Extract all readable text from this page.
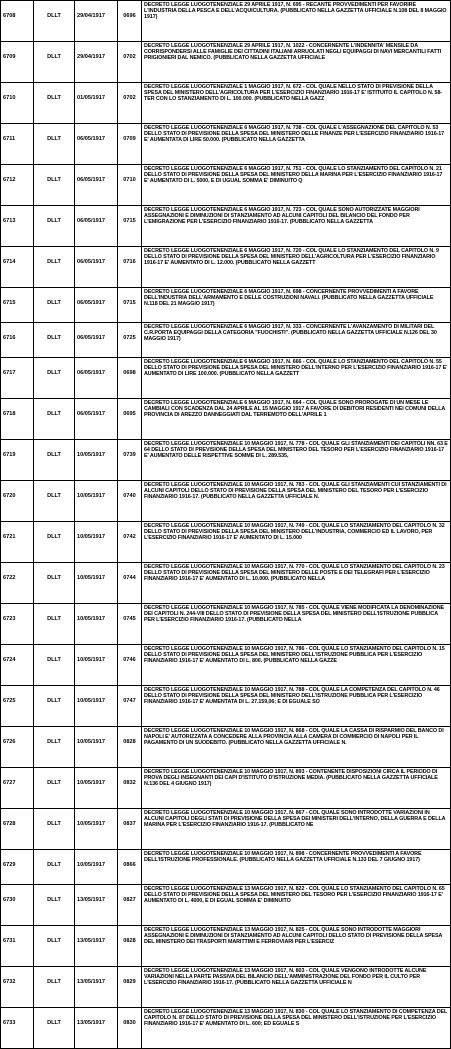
6708	DLLT	29/04/1917	0696	DECRETO LEGGE LUOGOTENENZIALE 29 APRILE 1917, N. 695 - RECANTE PROVVEDIMENTI PER FAVORIRE L'INDUSTRIA DELLA PESCA E DELL'ACQUICULTURA. (PUBBLICATO NELLA GAZZETTA UFFICIALE N.108 DEL 8 MAGGIO 1917)
6709	DLLT	29/04/1917	0702	DECRETO LEGGE LUOGOTENENZIALE 29 APRILE 1917, N. 1022 - CONCERNENTE L'INDENNITA' MENSILE DA CORRISPONDERSI ALLE FAMIGLIE DEI CITTADINI ITALIANI ARRUOLATI NEGLI EQUIPAGGI DI NAVI MERCANTILI FATTI PRIGIONIERI DAL NEMICO. (PUBBLICATO NELLA GAZZETTA UFFICIALE
6710	DLLT	01/05/1917	0702	DECRETO LEGGE LUOGOTENENZIALE 1 MAGGIO 1917, N. 672 - COL QUALE NELLO STATO DI PREVISIONE DELLA SPESA DEL MINISTERO DELL'AGRICOLTURA PER L'ESERCIZIO FINANZIARIO 1916-17 E' ISTITUITO IL CAPITOLO N. 58-TER CON LO STANZIAMENTO DI L. 100.000. (PUBBLICATO NELLA GAZZ
6711	DLLT	06/05/1917	0709	DECRETO LEGGE LUOGOTENENZIALE 6 MAGGIO 1917, N. 738 - COL QUALE L'ASSEGNAZIONE DEL CAPITOLO N. 53 DELLO STATO DI PREVISIONE DELLA SPESA DEL MINISTERO DELLE FINANZE PER L'ESERCIZIO FINANZIARIO 1916-17 E' AUMENTATA DI LIRE 50.000. (PUBBLICATO NELLA GAZZETTA
6712	DLLT	06/05/1917	0710	DECRETO LEGGE LUOGOTENENZIALE 6 MAGGIO 1917, N. 751 - COL QUALE LO STANZIAMENTO DEL CAPITOLO N. 21 DELLO STATO DI PREVISIONE DELLA SPESA DEL MINISTERO DELLA MARINA PER L'ESERCIZIO FINANZIARIO 1916-17 E' AUMENTATO DI L. 5000, E DI UGUAL SOMMA E' DIMINUITO Q
6713	DLLT	06/05/1917	0715	DECRETO LEGGE LUOGOTENENZIALE 6 MAGGIO 1917, N. 723 - COL QUALE SONO AUTORIZZATE MAGGIORI ASSEGNAZIONI E DIMINUZIONI DI STANZIAMENTO AD ALCUNI CAPITOLI DEL BILANCIO DEL FONDO PER L'EMIGRAZIONE PER L'ESERCIZIO FINANZIARIO 1916-17. (PUBBLICATO NELLA GAZZETTA
6714	DLLT	06/05/1917	0716	DECRETO LEGGE LUOGOTENENZIALE 6 MAGGIO 1917, N. 720 - COL QUALE LO STANZIAMENTO DEL CAPITOLO N. 9 DELLO STATO DI PREVISIONE DELLA SPESA DEL MINISTERO DELL'AGRICOLTURA PER L'ESERCIZIO FINANZIARIO 1916-17 E' AUMENTATO DI L. 12.000. (PUBBLICATO NELLA GAZZETT
6715	DLLT	06/05/1917	0715	DECRETO LEGGE LUOGOTENENZIALE 6 MAGGIO 1917, N. 698 - CONCERNENTE PROVVEDIMENTI A FAVORE DELL'INDUSTRIA DELL'ARMAMENTO E DELLE COSTRUZIONI NAVALI. (PUBBLICATO NELLA GAZZETTA UFFICIALE N.118 DEL 21 MAGGIO 1917)
6716	DLLT	06/05/1917	0725	DECRETO LEGGE LUOGOTENENZIALE 6 MAGGIO 1917, N. 333 - CONCERNENTE L'AVANZAMENTO DI MILITARI DEL C.R.PORTA EQUIPAGGI DELLA CATEGORIA "FUOCHISTI". (PUBBLICATO NELLA GAZZETTA UFFICIALE N.126 DEL 30 MAGGIO 1917)
6717	DLLT	06/05/1917	0698	DECRETO LEGGE LUOGOTENENZIALE 6 MAGGIO 1917, N. 666 - COL QUALE LO STANZIAMENTO DEL CAPITOLO N. 55 DELLO STATO DI PREVISIONE DELLA SPESA DEL MINISTERO DELL'INTERNO PER L'ESERCIZIO FINANZIARIO 1916-17 E' AUMENTATO DI LIRE 100.000. (PUBBLICATO NELLA GAZZETT
6718	DLLT	06/05/1917	0695	DECRETO LEGGE LUOGOTENENZIALE 6 MAGGIO 1917, N. 664 - COL QUALE SONO PROROGATE DI UN MESE LE CAMBIALI CON SCADENZA DAL 24 APRILE AL 15 MAGGIO 1917 A FAVORE DI DEBITORI RESIDENTI NEI COMUNI DELLA PROVINCIA DI AREZZO DANNEGGIATI DAL TERREMOTO DELL'APRILE 1
6719	DLLT	10/05/1917	0739	DECRETO LEGGE LUOGOTENENZIALE 10 MAGGIO 1917, N. 778 - COL QUALE GLI STANZIAMENTI DEI CAPITOLI NN. 63 E 64 DELLO STATO DI PREVISIONE DELLA SPESA DEL MINISTERO DEL TESORO PER L'ESERCIZIO FINANZIARIO 1916-17 E' AUMENTATO DELLE RISPETTIVE SOMME DI L. 289.535,
6720	DLLT	10/05/1917	0740	DECRETO LEGGE LUOGOTENENZIALE 10 MAGGIO 1917, N. 783 - COL QUALE GLI STANZIAMENTI CUI STANZIAMENTI DI ALCUNI CAPITOLI DELLO STATO DI PREVISIONE DELLA SPESA DEL MINISTERO DEL TESORO PER L'ESERCIZIO FINANZIARIO 1916-17. (PUBBLICATO NELLA GAZZETTA UFFICIALE N.
6721	DLLT	10/05/1917	0742	DECRETO LEGGE LUOGOTENENZIALE 10 MAGGIO 1917, N. 749 - COL QUALE LO STANZIAMENTO DEL CAPITOLO N. 32 DELLO STATO DI PREVISIONE DELLA SPESA DEL MINISTERO DELL'INDUSTRIA, COMMERCIO ED IL LAVORO, PER L'ESERCIZIO FINANZIARIO 1916-17 E' AUMENTATO DI L. 15.000
6722	DLLT	10/05/1917	0744	DECRETO LEGGE LUOGOTENENZIALE 10 MAGGIO 1917, N. 770 - COL QUALE LO STANZIAMENTO DEL CAPITOLO N. 23 DELLO STATO DI PREVISIONE DELLA SPESA DEL MINISTERO DELLE POSTE E DEI TELEGRAFI PER L'ESERCIZIO FINANZIARIO 1916-17 E' AUMENTATO DI L. 10.000. (PUBBLICATO NELLA
6723	DLLT	10/05/1917	0745	DECRETO LEGGE LUOGOTENENZIALE 10 MAGGIO 1917, N. 785 - COL QUALE VIENE MODIFICATA LA DENOMINAZIONE DEI CAPITOLI N. 244-VIII DELLO STATO DI PREVISIONE DELLA SPESA DEL MINISTERO DELL'ISTRUZIONE PUBBLICA PER L'ESERCIZIO FINANZIARIO 1916-17. (PUBBLICATO NELLA
6724	DLLT	10/05/1917	0746	DECRETO LEGGE LUOGOTENENZIALE 10 MAGGIO 1917, N. 786 - COL QUALE LO STANZIAMENTO DEL CAPITOLO N. 15 DELLO STATO DI PREVISIONE DELLA SPESA DEL MINISTERO DELL'ISTRUZIONE PUBBLICA PER L'ESERCIZIO FINANZIARIO 1916-17 E' AUMENTATO DI L. 800. (PUBBLICATO NELLA GAZZE
6725	DLLT	10/05/1917	0747	DECRETO LEGGE LUOGOTENENZIALE 10 MAGGIO 1917, N. 788 - COL QUALE LA COMPETENZA DEL CAPITOLO N. 46 DELLO STATO DI PREVISIONE DELLA SPESA DEL MINISTERO DELL'ISTRUZIONE PUBBLICA PER L'ESERCIZIO FINANZIARIO 1916-17 E' AUMENTATA DI L. 27.159,06; E DI EGUALE SO
6726	DLLT	10/05/1917	0828	DECRETO LEGGE LUOGOTENENZIALE 10 MAGGIO 1917, N. 868 - COL QUALE LA CASSA DI RISPARMIO DEL BANCO DI NAPOLI E' AUTORIZZATA A CONCEDERE ALLA PROVINCIA ALLA CAMERA DI COMMERCIO DI NAPOLI PER IL PAGAMENTO DI UN SUODEBITO. (PUBBLICATO NELLA GAZZETTA UFFICIALE N.
6727	DLLT	10/05/1917	0832	DECRETO LEGGE LUOGOTENENZIALE 10 MAGGIO 1917, N. 893 - CONTENENTE DISPOSIZIONI CIRCA IL PERIODO DI PROVA DEGLI INSEGNANTI DEI CAPI D'ISTITUTO D'ISTRUZIONE MEDIA. (PUBBLICATO NELLA GAZZETTA UFFICIALE N.136 DEL 4 GIUGNO 1917)
6728	DLLT	10/05/1917	0837	DECRETO LEGGE LUOGOTENENZIALE 10 MAGGIO 1917, N. 867 - COL QUALE SONO INTRODOTTE VARIAZIONI IN ALCUNI CAPITOLI DEGLI STATI DI PREVISIONE DELLA SPESA DEI MINISTERI DELL'INTERNO, DELLA GUERRA E DELLA MARINA PER L'ESERCIZIO FINANZIARIO 1916-17. (PUBBLICATO NE
6729	DLLT	10/05/1917	0866	DECRETO LEGGE LUOGOTENENZIALE 10 MAGGIO 1917, N. 898 - CONCERNENTE PROVVEDIMENTI A FAVORE DELL'ISTRUZIONE PROFESSIONALE. (PUBBLICATO NELLA GAZZETTA UFFICIALE N.133 DEL 7 GIUGNO 1917)
6730	DLLT	13/05/1917	0827	DECRETO LEGGE LUOGOTENENZIALE 13 MAGGIO 1917, N. 822 - COL QUALE LO STANZIAMENTO DEL CAPITOLO N. 65 DELLO STATO DI PREVISIONE DELLA SPESA DEL MINISTERO DEL TESORO PER L'ESERCIZIO FINANZIARIO 1916-17 E' AUMENTATO DI L. 4000, E DI EGUAL SOMMA E' DIMINUITO
6731	DLLT	13/05/1917	0828	DECRETO LEGGE LUOGOTENENZIALE 13 MAGGIO 1917, N. 825 - COL QUALE SONO INTRODOTTE MAGGIORI ASSEGNAZIONI E DIMINUZIONI DI STANZIAMENTO AD ALCUNI CAPITOLI DELLO STATO DI PREVISIONE DELLA SPESA DEL MINISTERO DEI TRASPORTI MARITTIMI E FERROVIARI PER L'ESERCIZ
6732	DLLT	13/05/1917	0829	DECRETO LEGGE LUOGOTENENZIALE 13 MAGGIO 1917, N. 803 - COL QUALE VENGONO INTRODOTTE ALCUNE VARIAZIONI NELLA PARTE PASSIVA DEL BILANCIO DELL'AMMINISTRAZIONE DEL FONDO PER IL CULTO PER L'ESERCIZIO FINANZIARIO 1916-17. (PUBBLICATO NELLA GAZZETTA UFFICIALE N
6733	DLLT	13/05/1917	0830	DECRETO LEGGE LUOGOTENENZIALE 13 MAGGIO 1917, N. 830 - COL QUALE LO STANZIAMENTO DI COMPETENZA DEL CAPITOLO N. 87 DELLO STATO DI PREVISIONE DELLA SPESA DEL MINISTERO DELL'ISTRUZIONE PER L'ESERCIZIO FINANZIARIO 1916-17 E' AUMENTATO DI L. 600; ED EGUALE S
